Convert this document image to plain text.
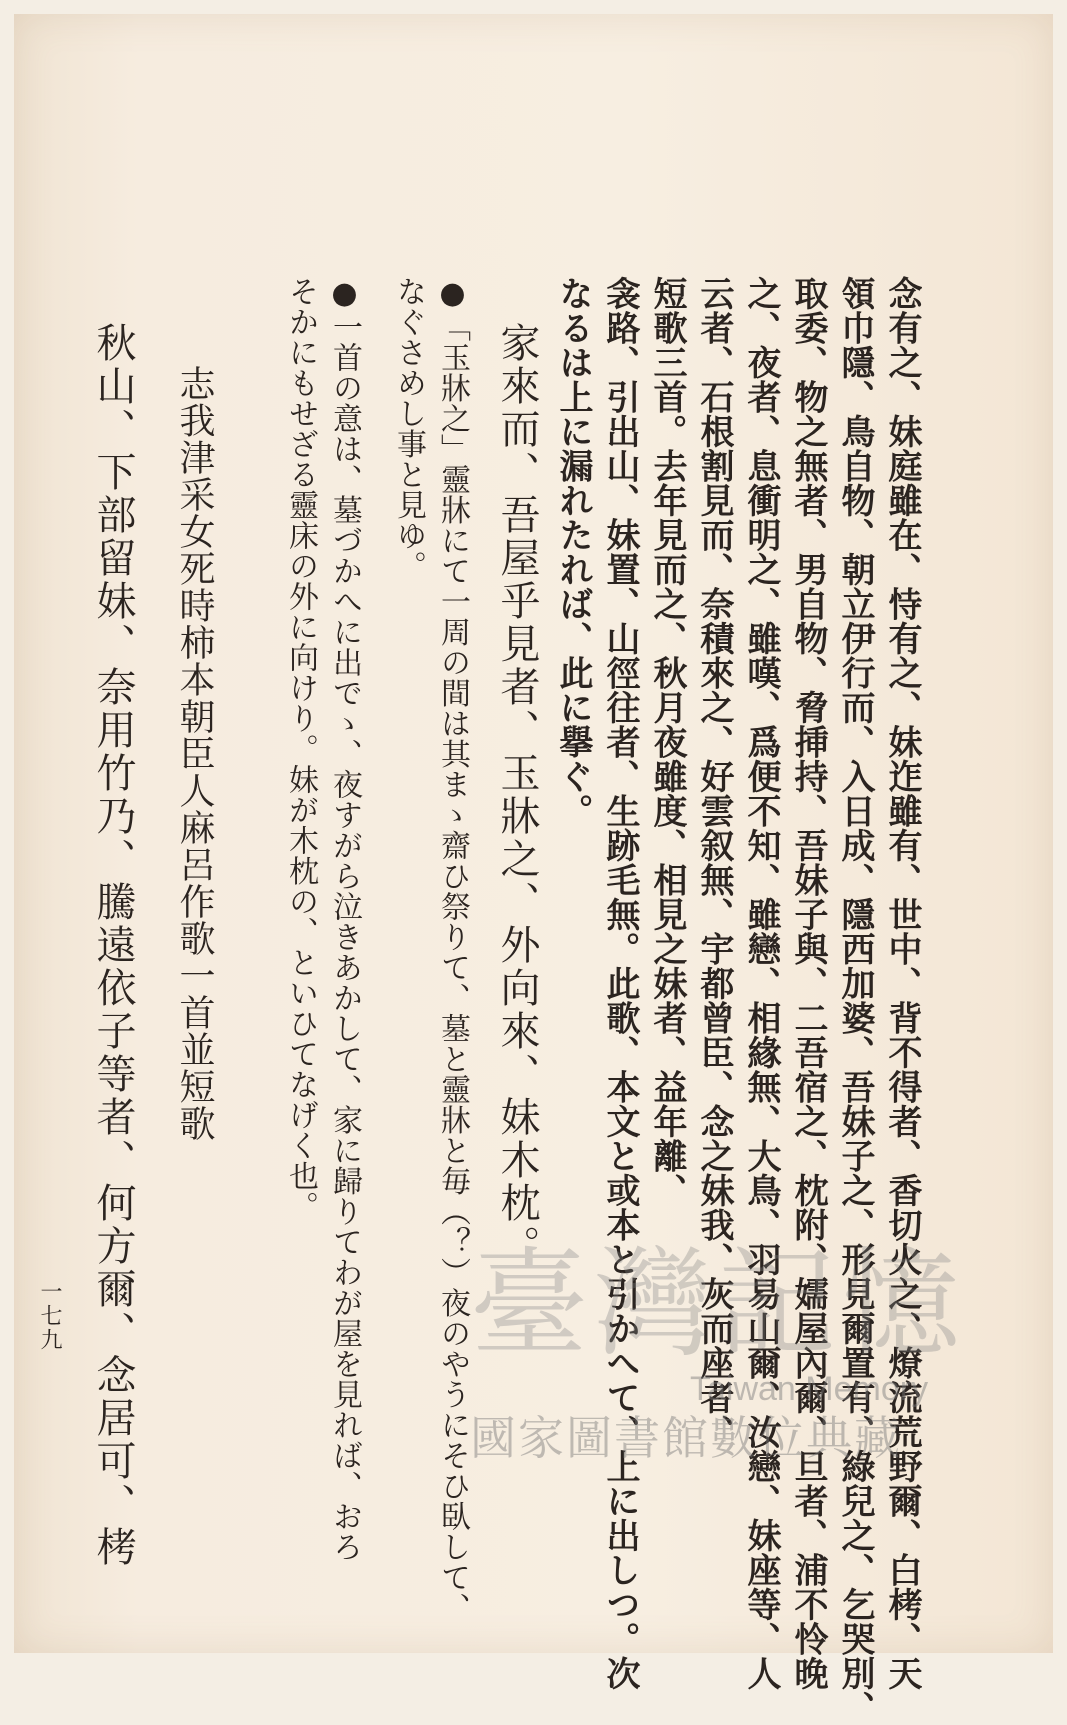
念有之、妹庭雖在、恃有之、妹迮雖有、世中、背不得者、香切火之、燎流荒野爾、白栲、天
領巾隱、鳥自物、朝立伊行而、入日成、隱西加婆、吾妹子之、形見爾置有、綠兒之、乞哭別、
取委、物之無者、男自物、脅挿持、吾妹子與、二吾宿之、枕附、嬬屋內爾、旦者、浦不怜晚
之、夜者、息衝明之、雖嘆、爲便不知、雖戀、相緣無、大鳥、羽易山爾、汝戀、妹座等、人
云者、石根割見而、奈積來之、好雲叙無、宇都曾臣、念之妹我、灰而座者、
短歌三首。去年見而之、秋月夜雖度、相見之妹者、益年離、
衾路、引出山、妹置、山徑往者、生跡毛無。此歌、本文と或本と引かへて、上に出しつ。次
なるは上に漏れたれば、此に擧ぐ。
家來而、吾屋乎見者、玉牀之、外向來、妹木枕。
●「玉牀之」靈牀にて一周の間は其まゝ齋ひ祭りて、墓と靈牀と毎（？）夜のやうにそひ臥して、
なぐさめし事と見ゆ。
●一首の意は、墓づかへに出でゝ、夜すがら泣きあかして、家に歸りてわが屋を見れば、おろ
そかにもせざる靈床の外に向けり。妹が木枕の、といひてなげく也。
志我津采女死時柿本朝臣人麻呂作歌一首並短歌
秋山、下部留妹、奈用竹乃、騰遠依子等者、何方爾、念居可、栲
一七九	臺灣記憶
Taiwan Memory
國家圖書館數位典藏
